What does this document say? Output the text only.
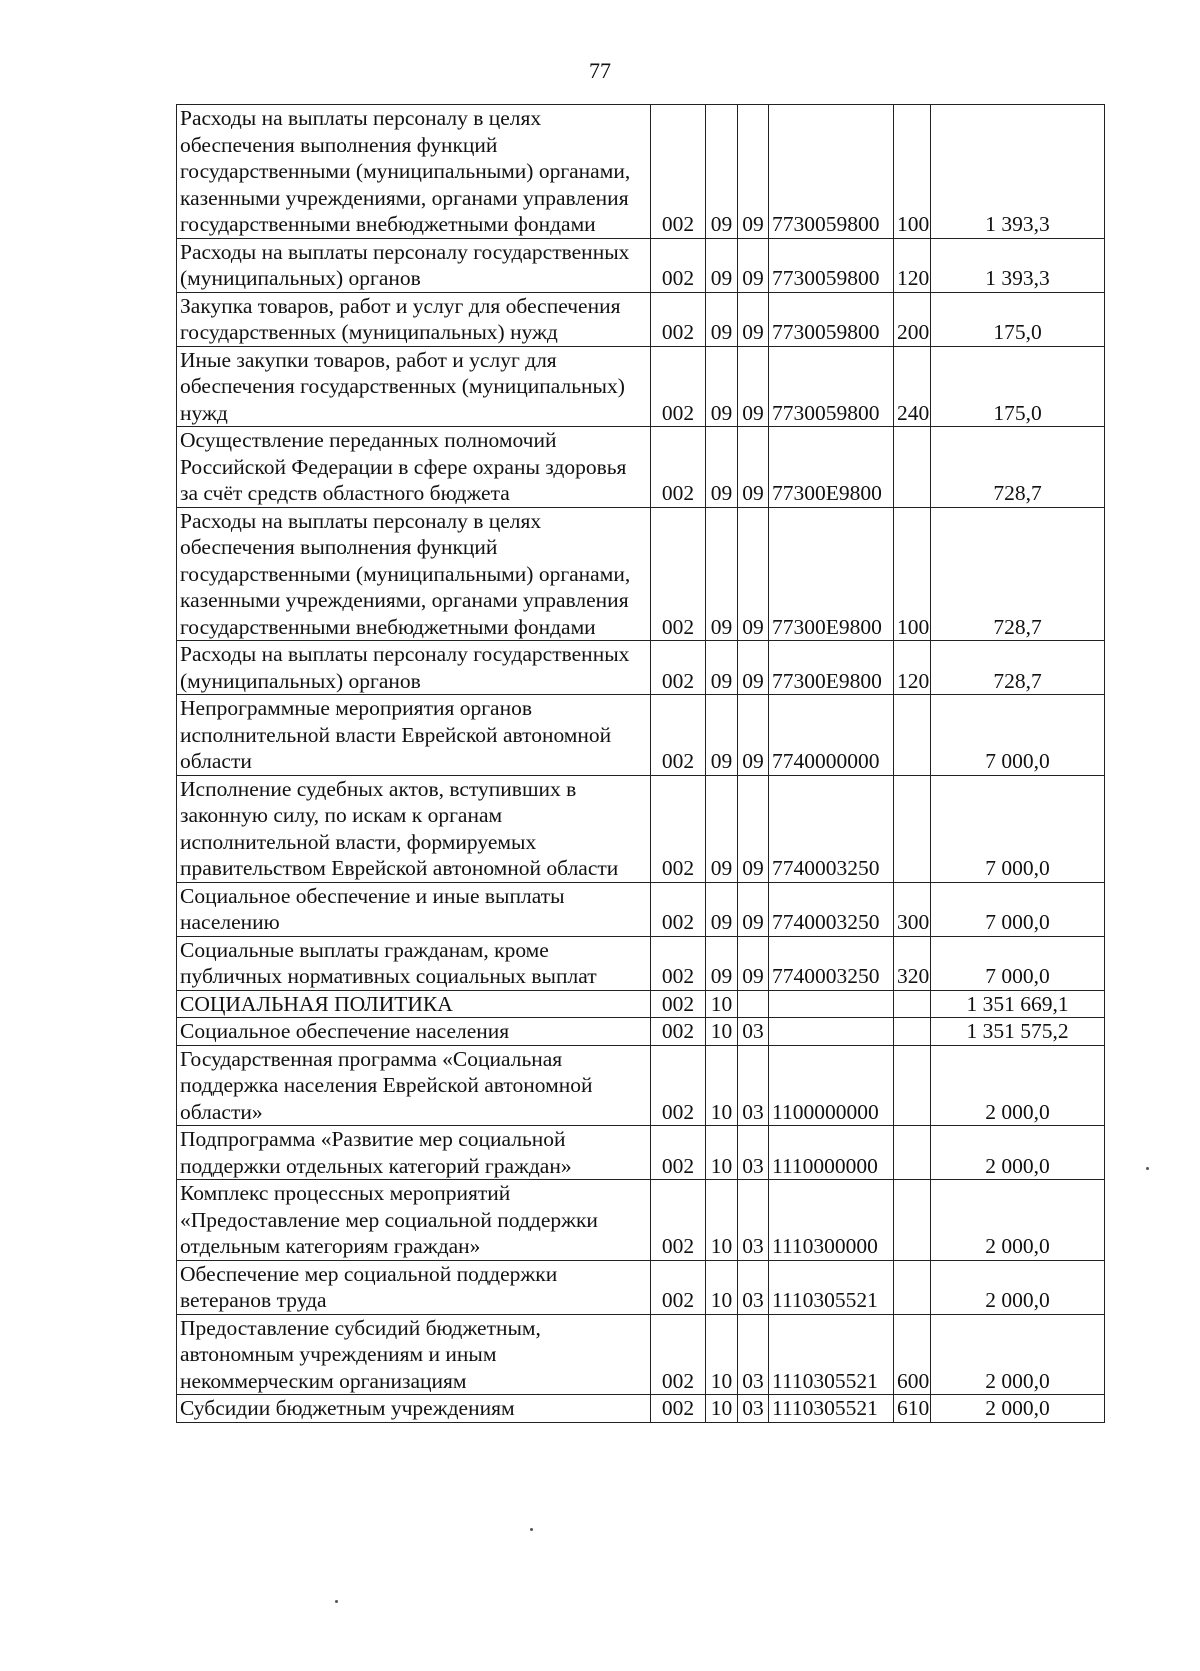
77
Расходы на выплаты персоналу в целях обеспечения выполнения функций государственными (муниципальными) органами, казенными учреждениями, органами управления государственными внебюджетными фондами	002	09	09	7730059800	100	1 393,3
Расходы на выплаты персоналу государственных (муниципальных) органов	002	09	09	7730059800	120	1 393,3
Закупка товаров, работ и услуг для обеспечения государственных (муниципальных) нужд	002	09	09	7730059800	200	175,0
Иные закупки товаров, работ и услуг для обеспечения государственных (муниципальных) нужд	002	09	09	7730059800	240	175,0
Осуществление переданных полномочий Российской Федерации в сфере охраны здоровья за счёт средств областного бюджета	002	09	09	77300E9800		728,7
Расходы на выплаты персоналу в целях обеспечения выполнения функций государственными (муниципальными) органами, казенными учреждениями, органами управления государственными внебюджетными фондами	002	09	09	77300E9800	100	728,7
Расходы на выплаты персоналу государственных (муниципальных) органов	002	09	09	77300E9800	120	728,7
Непрограммные мероприятия органов исполнительной власти Еврейской автономной области	002	09	09	7740000000		7 000,0
Исполнение судебных актов, вступивших в законную силу, по искам к органам исполнительной власти, формируемых правительством Еврейской автономной области	002	09	09	7740003250		7 000,0
Социальное обеспечение и иные выплаты населению	002	09	09	7740003250	300	7 000,0
Социальные выплаты гражданам, кроме публичных нормативных социальных выплат	002	09	09	7740003250	320	7 000,0
СОЦИАЛЬНАЯ ПОЛИТИКА	002	10				1 351 669,1
Социальное обеспечение населения	002	10	03			1 351 575,2
Государственная программа «Социальная поддержка населения Еврейской автономной области»	002	10	03	1100000000		2 000,0
Подпрограмма «Развитие мер социальной поддержки отдельных категорий граждан»	002	10	03	1110000000		2 000,0
Комплекс процессных мероприятий «Предоставление мер социальной поддержки отдельным категориям граждан»	002	10	03	1110300000		2 000,0
Обеспечение мер социальной поддержки ветеранов труда	002	10	03	1110305521		2 000,0
Предоставление субсидий бюджетным, автономным учреждениям и иным некоммерческим организациям	002	10	03	1110305521	600	2 000,0
Субсидии бюджетным учреждениям	002	10	03	1110305521	610	2 000,0
